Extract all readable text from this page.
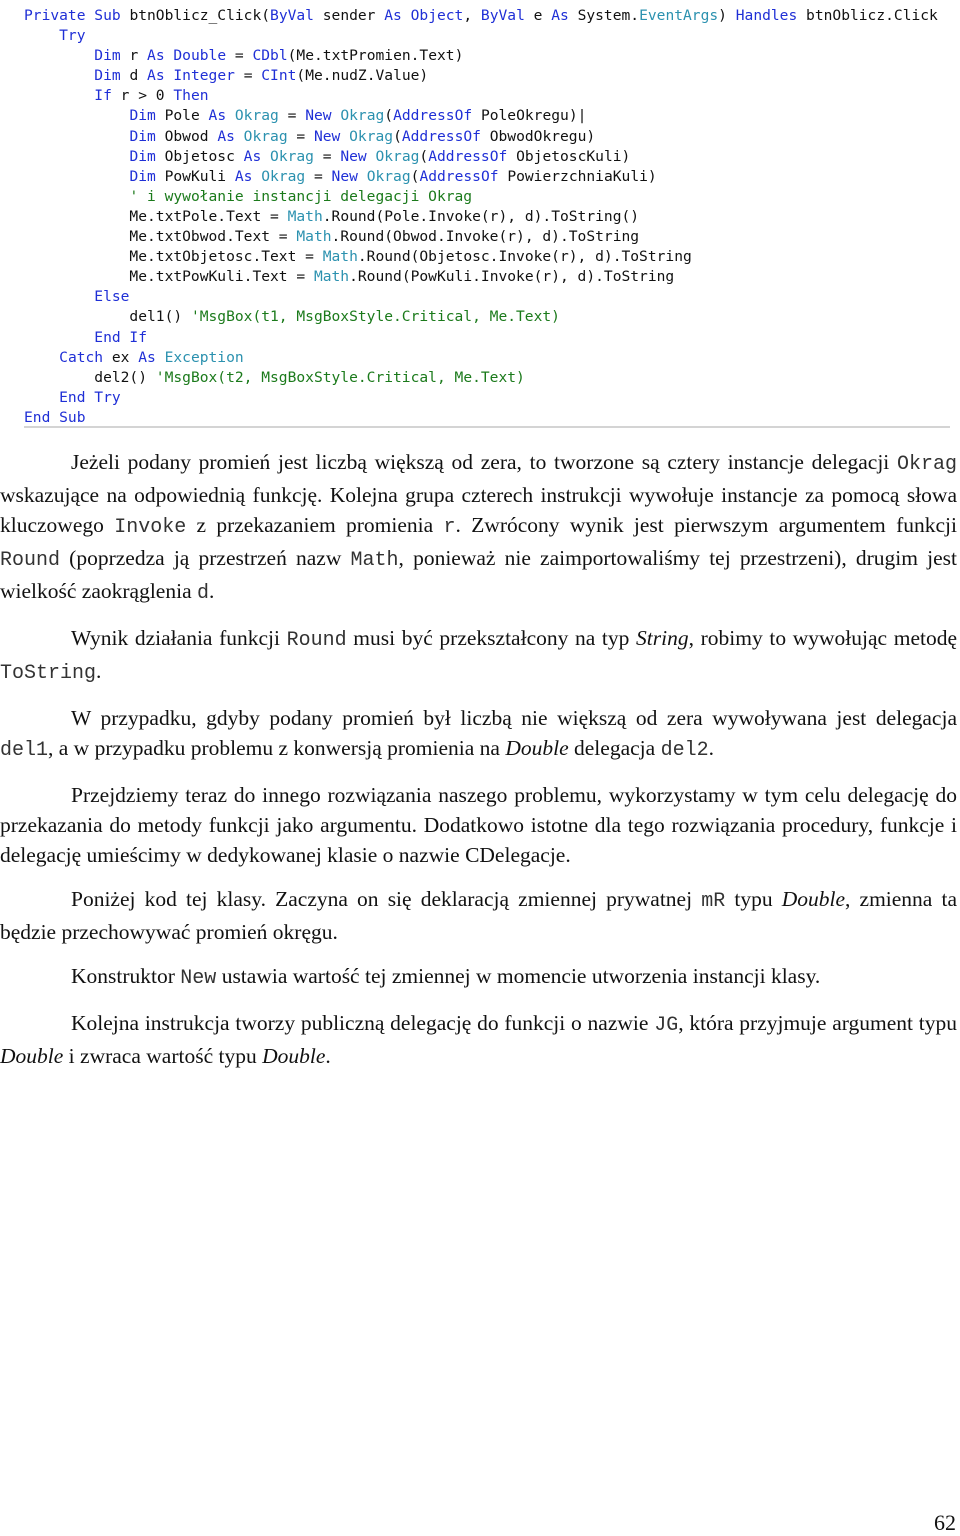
Private Sub btnOblicz_Click(ByVal sender As Object, ByVal e As System.EventArgs) Handles btnOblicz.Click
Try
Dim r As Double = CDbl(Me.txtPromien.Text)
Dim d As Integer = CInt(Me.nudZ.Value)
If r > 0 Then
Dim Pole As Okrag = New Okrag(AddressOf PoleOkregu)|
Dim Obwod As Okrag = New Okrag(AddressOf ObwodOkregu)
Dim Objetosc As Okrag = New Okrag(AddressOf ObjetoscKuli)
Dim PowKuli As Okrag = New Okrag(AddressOf PowierzchniaKuli)
' i wywołanie instancji delegacji Okrag
Me.txtPole.Text = Math.Round(Pole.Invoke(r), d).ToString()
Me.txtObwod.Text = Math.Round(Obwod.Invoke(r), d).ToString
Me.txtObjetosc.Text = Math.Round(Objetosc.Invoke(r), d).ToString
Me.txtPowKuli.Text = Math.Round(PowKuli.Invoke(r), d).ToString
Else
del1() 'MsgBox(t1, MsgBoxStyle.Critical, Me.Text)
End If
Catch ex As Exception
del2() 'MsgBox(t2, MsgBoxStyle.Critical, Me.Text)
End Try
End Sub

Jeżeli podany promień jest liczbą większą od zera, to tworzone są cztery instancje delegacji Okrag wskazujące na odpowiednią funkcję. Kolejna grupa czterech instrukcji wywołuje instancje za pomocą słowa kluczowego Invoke z przekazaniem promienia r. Zwrócony wynik jest pierwszym argumentem funkcji Round (poprzedza ją przestrzeń nazw Math, ponieważ nie zaimportowaliśmy tej przestrzeni), drugim jest wielkość zaokrąglenia d.

Wynik działania funkcji Round musi być przekształcony na typ String, robimy to wywołując metodę ToString.

W przypadku, gdyby podany promień był liczbą nie większą od zera wywoływana jest delegacja del1, a w przypadku problemu z konwersją promienia na Double delegacja del2.

Przejdziemy teraz do innego rozwiązania naszego problemu, wykorzystamy w tym celu delegację do przekazania do metody funkcji jako argumentu. Dodatkowo istotne dla tego rozwiązania procedury, funkcje i delegację umieścimy w dedykowanej klasie o nazwie CDelegacje.

Poniżej kod tej klasy. Zaczyna on się deklaracją zmiennej prywatnej mR typu Double, zmienna ta będzie przechowywać promień okręgu.

Konstruktor New ustawia wartość tej zmiennej w momencie utworzenia instancji klasy.

Kolejna instrukcja tworzy publiczną delegację do funkcji o nazwie JG, która przyjmuje argument typu Double i zwraca wartość typu Double.

62
